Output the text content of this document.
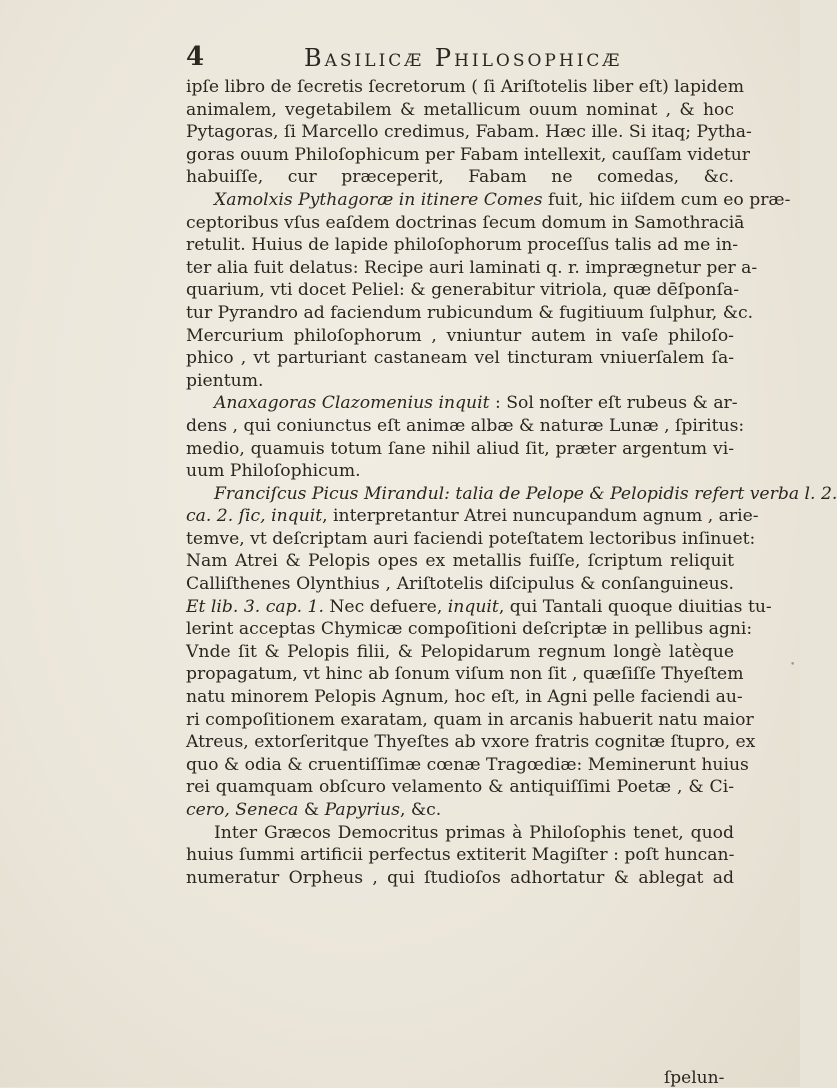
4	Basilicæ Philosophicæ
ipſe libro de ſecretis ſecretorum ( ſi Ariſtotelis liber eſt) lapidem
animalem, vegetabilem & metallicum ouum nominat , & hoc
Pytagoras, ſi Marcello credimus, Fabam. Hæc ille. Si itaq; Pytha-
goras ouum Philoſophicum per Fabam intellexit, cauſſam videtur
habuiſſe, cur præceperit, Fabam ne comedas, &c.
Xamolxis Pythagoræ in itinere Comes fuit, hic iiſdem cum eo præ-
ceptoribus vſus eaſdem doctrinas ſecum domum in Samothraciā
retulit. Huius de lapide philoſophorum proceſſus talis ad me in-
ter alia fuit delatus: Recipe auri laminati q. r. imprægnetur per a-
quarium, vti docet Peliel: & generabitur vitriola, quæ dēſponſa-
tur Pyrandro ad faciendum rubicundum & fugitiuum ſulphur, &c.
Mercurium philoſophorum , vniuntur autem in vaſe philoſo-
phico , vt parturiant castaneam vel tincturam vniuerſalem ſa-
pientum.
Anaxagoras Clazomenius inquit : Sol noſter eſt rubeus & ar-
dens , qui coniunctus eſt animæ albæ & naturæ Lunæ , ſpiritus:
medio, quamuis totum ſane nihil aliud ſit, præter argentum vi-
uum Philoſophicum.
Franciſcus Picus Mirandul: talia de Pelope & Pelopidis refert verba l. 2.
ca. 2. ſic, inquit, interpretantur Atrei nuncupandum agnum , arie-
temve, vt deſcriptam auri faciendi poteſtatem lectoribus inſinuet:
Nam Atrei & Pelopis opes ex metallis fuiſſe, ſcriptum reliquit
Calliſthenes Olynthius , Ariſtotelis diſcipulus & conſanguineus.
Et lib. 3. cap. 1. Nec defuere, inquit, qui Tantali quoque diuitias tu-
lerint acceptas Chymicæ compoſitioni deſcriptæ in pellibus agni:
Vnde ſit & Pelopis filii, & Pelopidarum regnum longè latèque
propagatum, vt hinc ab ſonum viſum non ſit , quæſiſſe Thyeſtem
natu minorem Pelopis Agnum, hoc eſt, in Agni pelle faciendi au-
ri compoſitionem exaratam, quam in arcanis habuerit natu maior
Atreus, extorſeritque Thyeſtes ab vxore fratris cognitæ ſtupro, ex
quo & odia & cruentiſſimæ cœnæ Tragœdiæ: Meminerunt huius
rei quamquam obſcuro velamento & antiquiſſimi Poetæ , & Ci-
cero, Seneca & Papyrius, &c.
Inter Græcos Democritus primas à Philoſophis tenet, quod
huius ſummi artificii perfectus extiterit Magiſter : poſt huncan-
numeratur Orpheus , qui ſtudioſos adhortatur & ablegat ad
ſpelun-
•
